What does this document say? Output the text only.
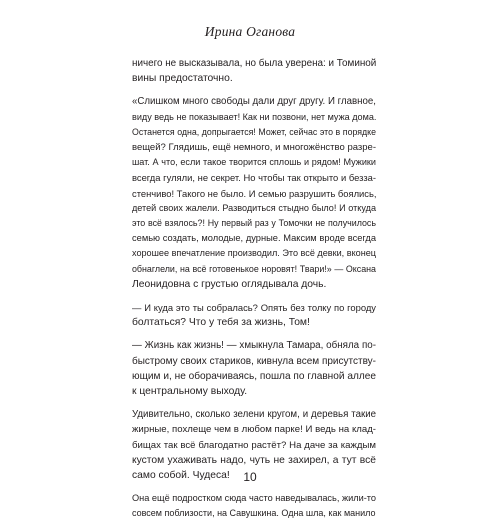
Ирина Оганова

ничего не высказывала, но была уверена: и Томиной
вины предостаточно.

«Слишком много свободы дали друг другу. И главное,
виду ведь не показывает! Как ни позвони, нет мужа дома.
Останется одна, допрыгается! Может, сейчас это в порядке
вещей? Глядишь, ещё немного, и многожёнство разре-
шат. А что, если такое творится сплошь и рядом! Мужики
всегда гуляли, не секрет. Но чтобы так открыто и безза-
стенчиво! Такого не было. И семью разрушить боялись,
детей своих жалели. Разводиться стыдно было! И откуда
это всё взялось?! Ну первый раз у Томочки не получилось
семью создать, молодые, дурные. Максим вроде всегда
хорошее впечатление производил. Это всё девки, вконец
обнаглели, на всё готовенькое норовят! Твари!» — Оксана
Леонидовна с грустью оглядывала дочь.

— И куда это ты собралась? Опять без толку по городу
болтаться? Что у тебя за жизнь, Том!

— Жизнь как жизнь! — хмыкнула Тамара, обняла по-
быстрому своих стариков, кивнула всем присутству-
ющим и, не оборачиваясь, пошла по главной аллее
к центральному выходу.

Удивительно, сколько зелени кругом, и деревья такие
жирные, похлеще чем в любом парке! И ведь на клад-
бищах так всё благодатно растёт? На даче за каждым
кустом ухаживать надо, чуть не захирел, а тут всё
само собой. Чудеса!

Она ещё подростком сюда часто наведывалась, жили-то
совсем поблизости, на Савушкина. Одна шла, как манило

10
